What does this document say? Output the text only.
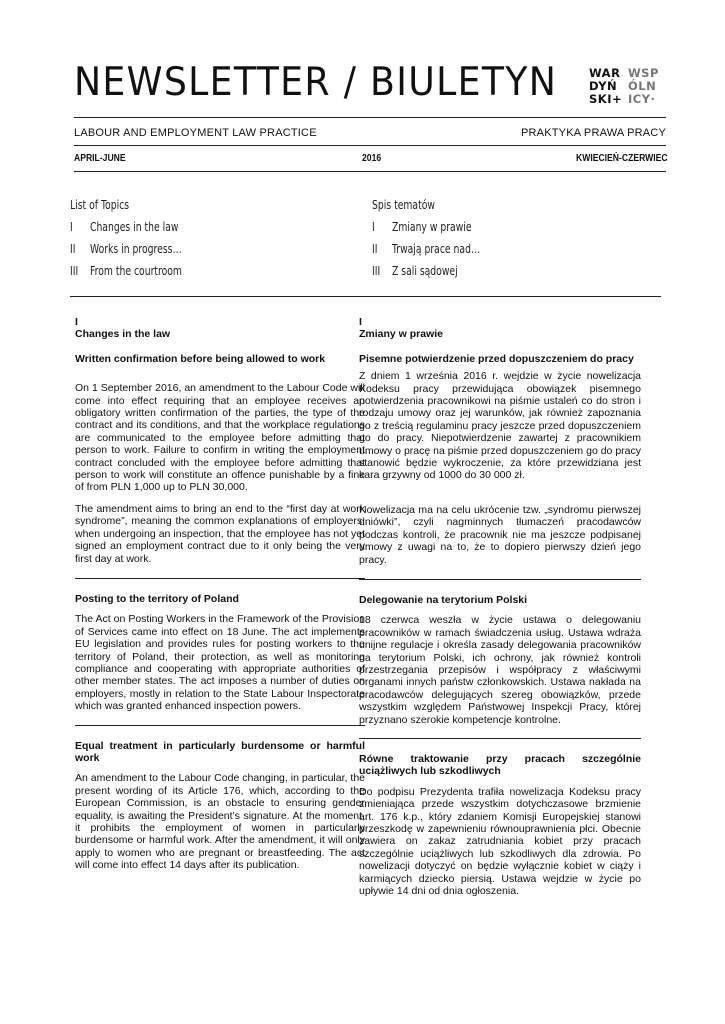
NEWSLETTER / BIULETYN	WAR
DYŃ
SKI+
WSP
ÓLN
ICY·
LABOUR AND EMPLOYMENT LAW PRACTICE	PRAKTYKA PRAWA PRACY
APRIL-JUNE	2016	KWIECIEŃ-CZERWIEC
List of Topics
I Changes in the law
II Works in progress…
III From the courtroom
Spis tematów
I Zmiany w prawie
II Trwają prace nad…
III Z sali sądowej
I
Changes in the law
Written confirmation before being allowed to work
On 1 September 2016, an amendment to the Labour Code will come into effect requiring that an employee receives an obligatory written confirmation of the parties, the type of the contract and its conditions, and that the workplace regulations are communicated to the employee before admitting that person to work. Failure to confirm in writing the employment contract concluded with the employee before admitting that person to work will constitute an offence punishable by a fine of from PLN 1,000 up to PLN 30,000.
The amendment aims to bring an end to the “first day at work syndrome”, meaning the common explanations of employers, when undergoing an inspection, that the employee has not yet signed an employment contract due to it only being the very first day at work.
Posting to the territory of Poland
The Act on Posting Workers in the Framework of the Provision of Services came into effect on 18 June. The act implements EU legislation and provides rules for posting workers to the territory of Poland, their protection, as well as monitoring compliance and cooperating with appropriate authorities of other member states. The act imposes a number of duties on employers, mostly in relation to the State Labour Inspectorate which was granted enhanced inspection powers.
Equal treatment in particularly burdensome or harmful work
An amendment to the Labour Code changing, in particular, the present wording of its Article 176, which, according to the European Commission, is an obstacle to ensuring gender equality, is awaiting the President’s signature. At the moment, it prohibits the employment of women in particularly burdensome or harmful work. After the amendment, it will only apply to women who are pregnant or breastfeeding. The act will come into effect 14 days after its publication.
I
Zmiany w prawie
Pisemne potwierdzenie przed dopuszczeniem do pracy
Z dniem 1 września 2016 r. wejdzie w życie nowelizacja Kodeksu pracy przewidująca obowiązek pisemnego potwierdzenia pracownikowi na piśmie ustaleń co do stron i rodzaju umowy oraz jej warunków, jak również zapoznania go z treścią regulaminu pracy jeszcze przed dopuszczeniem go do pracy. Niepotwierdzenie zawartej z pracownikiem umowy o pracę na piśmie przed dopuszczeniem go do pracy stanowić będzie wykroczenie, za które przewidziana jest kara grzywny od 1000 do 30 000 zł.
Nowelizacja ma na celu ukrócenie tzw. „syndromu pierwszej dniówki”, czyli nagminnych tłumaczeń pracodawców podczas kontroli, że pracownik nie ma jeszcze podpisanej umowy z uwagi na to, że to dopiero pierwszy dzień jego pracy.
Delegowanie na terytorium Polski
18 czerwca weszła w życie ustawa o delegowaniu pracowników w ramach świadczenia usług. Ustawa wdraża unijne regulacje i określa zasady delegowania pracowników na terytorium Polski, ich ochrony, jak również kontroli przestrzegania przepisów i współpracy z właściwymi organami innych państw członkowskich. Ustawa nakłada na pracodawców delegujących szereg obowiązków, przede wszystkim względem Państwowej Inspekcji Pracy, której przyznano szerokie kompetencje kontrolne.
Równe traktowanie przy pracach szczególnie uciążliwych lub szkodliwych
Do podpisu Prezydenta trafiła nowelizacja Kodeksu pracy zmieniająca przede wszystkim dotychczasowe brzmienie art. 176 k.p., który zdaniem Komisji Europejskiej stanowi przeszkodę w zapewnieniu równouprawnienia płci. Obecnie zawiera on zakaz zatrudniania kobiet przy pracach szczególnie uciążliwych lub szkodliwych dla zdrowia. Po nowelizacji dotyczyć on będzie wyłącznie kobiet w ciąży i karmiących dziecko piersią. Ustawa wejdzie w życie po upływie 14 dni od dnia ogłoszenia.
